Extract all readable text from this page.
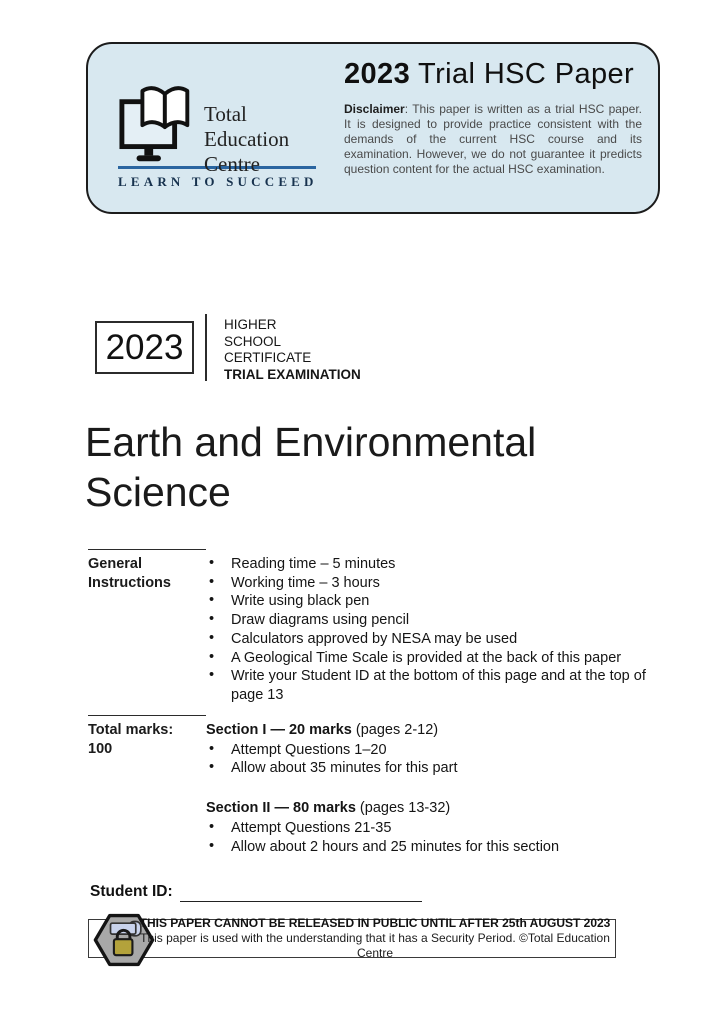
Total
Education
Centre
LEARN TO SUCCEED
2023 Trial HSC Paper

Disclaimer: This paper is written as a trial HSC paper. It is designed to provide practice consistent with the demands of the current HSC course and its examination. However, we do not guarantee it predicts question content for the actual HSC examination.

2023
HIGHER
SCHOOL
CERTIFICATE
TRIAL EXAMINATION
Earth and Environmental Science
General Instructions
• Reading time – 5 minutes
• Working time – 3 hours
• Write using black pen
• Draw diagrams using pencil
• Calculators approved by NESA may be used
• A Geological Time Scale is provided at the back of this paper
• Write your Student ID at the bottom of this page and at the top of page 13
Total marks:
100
Section I — 20 marks (pages 2-12)
• Attempt Questions 1–20
• Allow about 35 minutes for this part
Section II — 80 marks (pages 13-32)
• Attempt Questions 21-35
• Allow about 2 hours and 25 minutes for this section
Student ID:
THIS PAPER CANNOT BE RELEASED IN PUBLIC UNTIL AFTER 25th AUGUST 2023
This paper is used with the understanding that it has a Security Period. ©Total Education Centre
